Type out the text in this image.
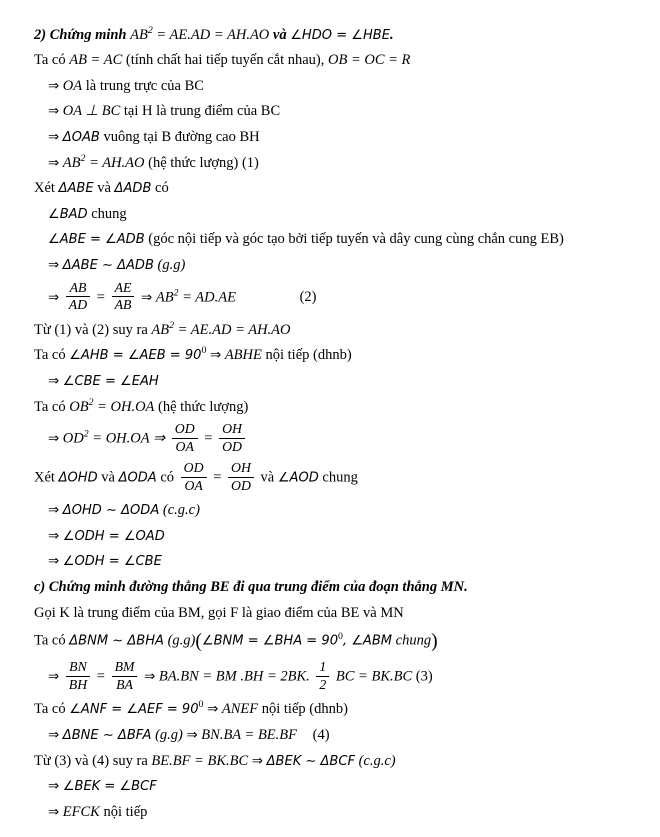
2) Chứng minh $AB^2 = AE.AD = AH.AO$ và ∠HDO = ∠HBE.
Ta có AB = AC (tính chất hai tiếp tuyến cắt nhau), OB = OC = R
⇒ OA là trung trực của BC
⇒ OA ⊥ BC tại H là trung điểm của BC
⇒ ΔOAB vuông tại B đường cao BH
⇒ $AB^2 = AH.AO$ (hệ thức lượng) (1)
Xét ΔABE và ΔADB có
∠BAD chung
∠ABE = ∠ADB (góc nội tiếp và góc tạo bởi tiếp tuyến và dây cung cùng chắn cung EB)
⇒ ΔABE ∼ ΔADB (g.g)
⇒ $\frac{AB}{AD} = \frac{AE}{AB}$ ⇒ $AB^2 = AD.AE$	(2)
Từ (1) và (2) suy ra $AB^2 = AE.AD = AH.AO$
Ta có ∠AHB = ∠AEB = $90^0$ ⇒ ABHE nội tiếp (dhnb)
⇒ ∠CBE = ∠EAH
Ta có $OB^2 = OH.OA$ (hệ thức lượng)
⇒ $OD^2 = OH.OA$ ⇒ $\frac{OD}{OA} = \frac{OH}{OD}$
Xét ΔOHD và ΔODA có $\frac{OD}{OA} = \frac{OH}{OD}$ và ∠AOD chung
⇒ ΔOHD ∼ ΔODA (c.g.c)
⇒ ∠ODH = ∠OAD
⇒ ∠ODH = ∠CBE
c) Chứng minh đường thẳng BE đi qua trung điểm của đoạn thẳng MN.
Gọi K là trung điểm của BM, gọi F là giao điểm của BE và MN
Ta có ΔBNM ∼ ΔBHA (g.g)(∠BNM = ∠BHA = $90^0$, ∠ABM chung)
⇒ $\frac{BN}{BH} = \frac{BM}{BA}$ ⇒ BA.BN = BM .BH = 2BK. $\frac{1}{2}$ BC = BK.BC (3)
Ta có ∠ANF = ∠AEF = $90^0$ ⇒ ANEF nội tiếp (dhnb)
⇒ ΔBNE ∼ ΔBFA (g.g) ⇒ BN.BA = BE.BF (4)
Từ (3) và (4) suy ra BE.BF = BK.BC ⇒ ΔBEK ∼ ΔBCF (c.g.c)
⇒ ∠BEK = ∠BCF
⇒ EFCK nội tiếp
